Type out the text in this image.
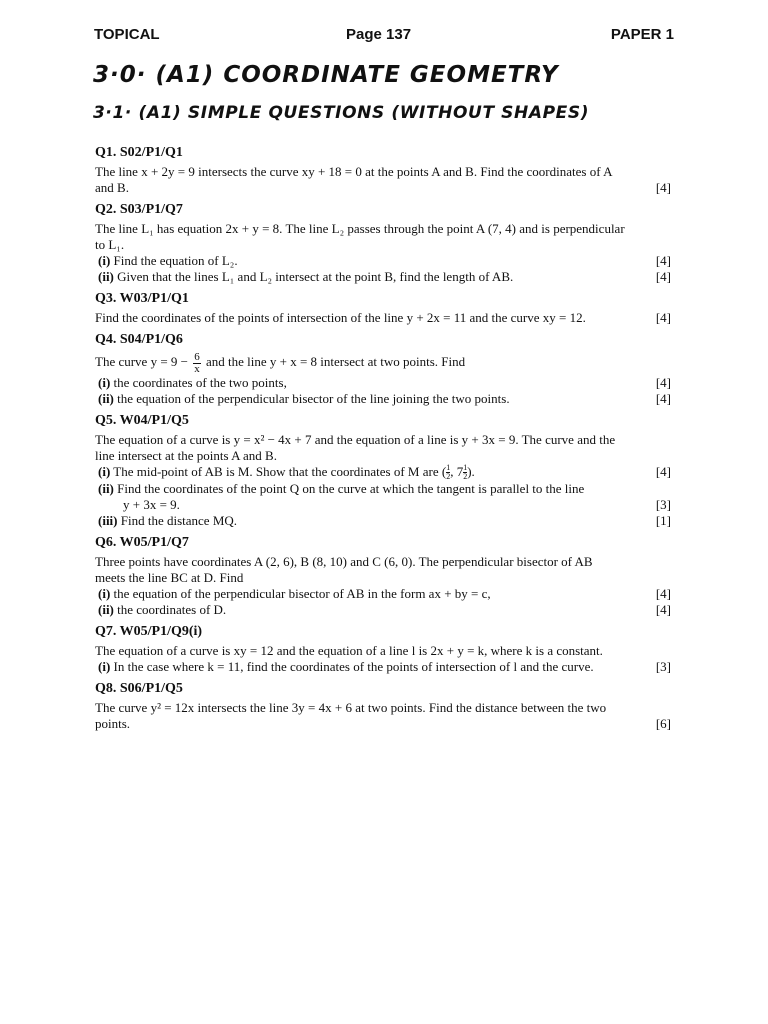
TOPICAL	Page 137	PAPER 1
3·0· (A1) COORDINATE GEOMETRY
3·1· (A1) SIMPLE QUESTIONS (WITHOUT SHAPES)
Q1. S02/P1/Q1
The line x + 2y = 9 intersects the curve xy + 18 = 0 at the points A and B. Find the coordinates of A
and B.	[4]
Q2. S03/P1/Q7
The line L₁ has equation 2x + y = 8. The line L₂ passes through the point A (7, 4) and is perpendicular
to L₁.
(i) Find the equation of L₂.	[4]
(ii) Given that the lines L₁ and L₂ intersect at the point B, find the length of AB.	[4]
Q3. W03/P1/Q1
Find the coordinates of the points of intersection of the line y + 2x = 11 and the curve xy = 12.	[4]
Q4. S04/P1/Q6
The curve $y = 9 - \frac{6}{x}$ and the line y + x = 8 intersect at two points. Find
(i) the coordinates of the two points,	[4]
(ii) the equation of the perpendicular bisector of the line joining the two points.	[4]
Q5. W04/P1/Q5
The equation of a curve is y = x² − 4x + 7 and the equation of a line is y + 3x = 9. The curve and the
line intersect at the points A and B.
(i) The mid-point of AB is M. Show that the coordinates of M are ( $\frac{1}{2}$ , $7 \frac{1}{2}$ ).	[4]
(ii) Find the coordinates of the point Q on the curve at which the tangent is parallel to the line
y + 3x = 9.	[3]
(iii) Find the distance MQ.	[1]
Q6. W05/P1/Q7
Three points have coordinates A (2, 6), B (8, 10) and C (6, 0). The perpendicular bisector of AB
meets the line BC at D. Find
(i) the equation of the perpendicular bisector of AB in the form ax + by = c,	[4]
(ii) the coordinates of D.	[4]
Q7. W05/P1/Q9(i)
The equation of a curve is xy = 12 and the equation of a line l is 2x + y = k, where k is a constant.
(i) In the case where k = 11, find the coordinates of the points of intersection of l and the curve.	[3]
Q8. S06/P1/Q5
The curve y² = 12x intersects the line 3y = 4x + 6 at two points. Find the distance between the two
points.	[6]
